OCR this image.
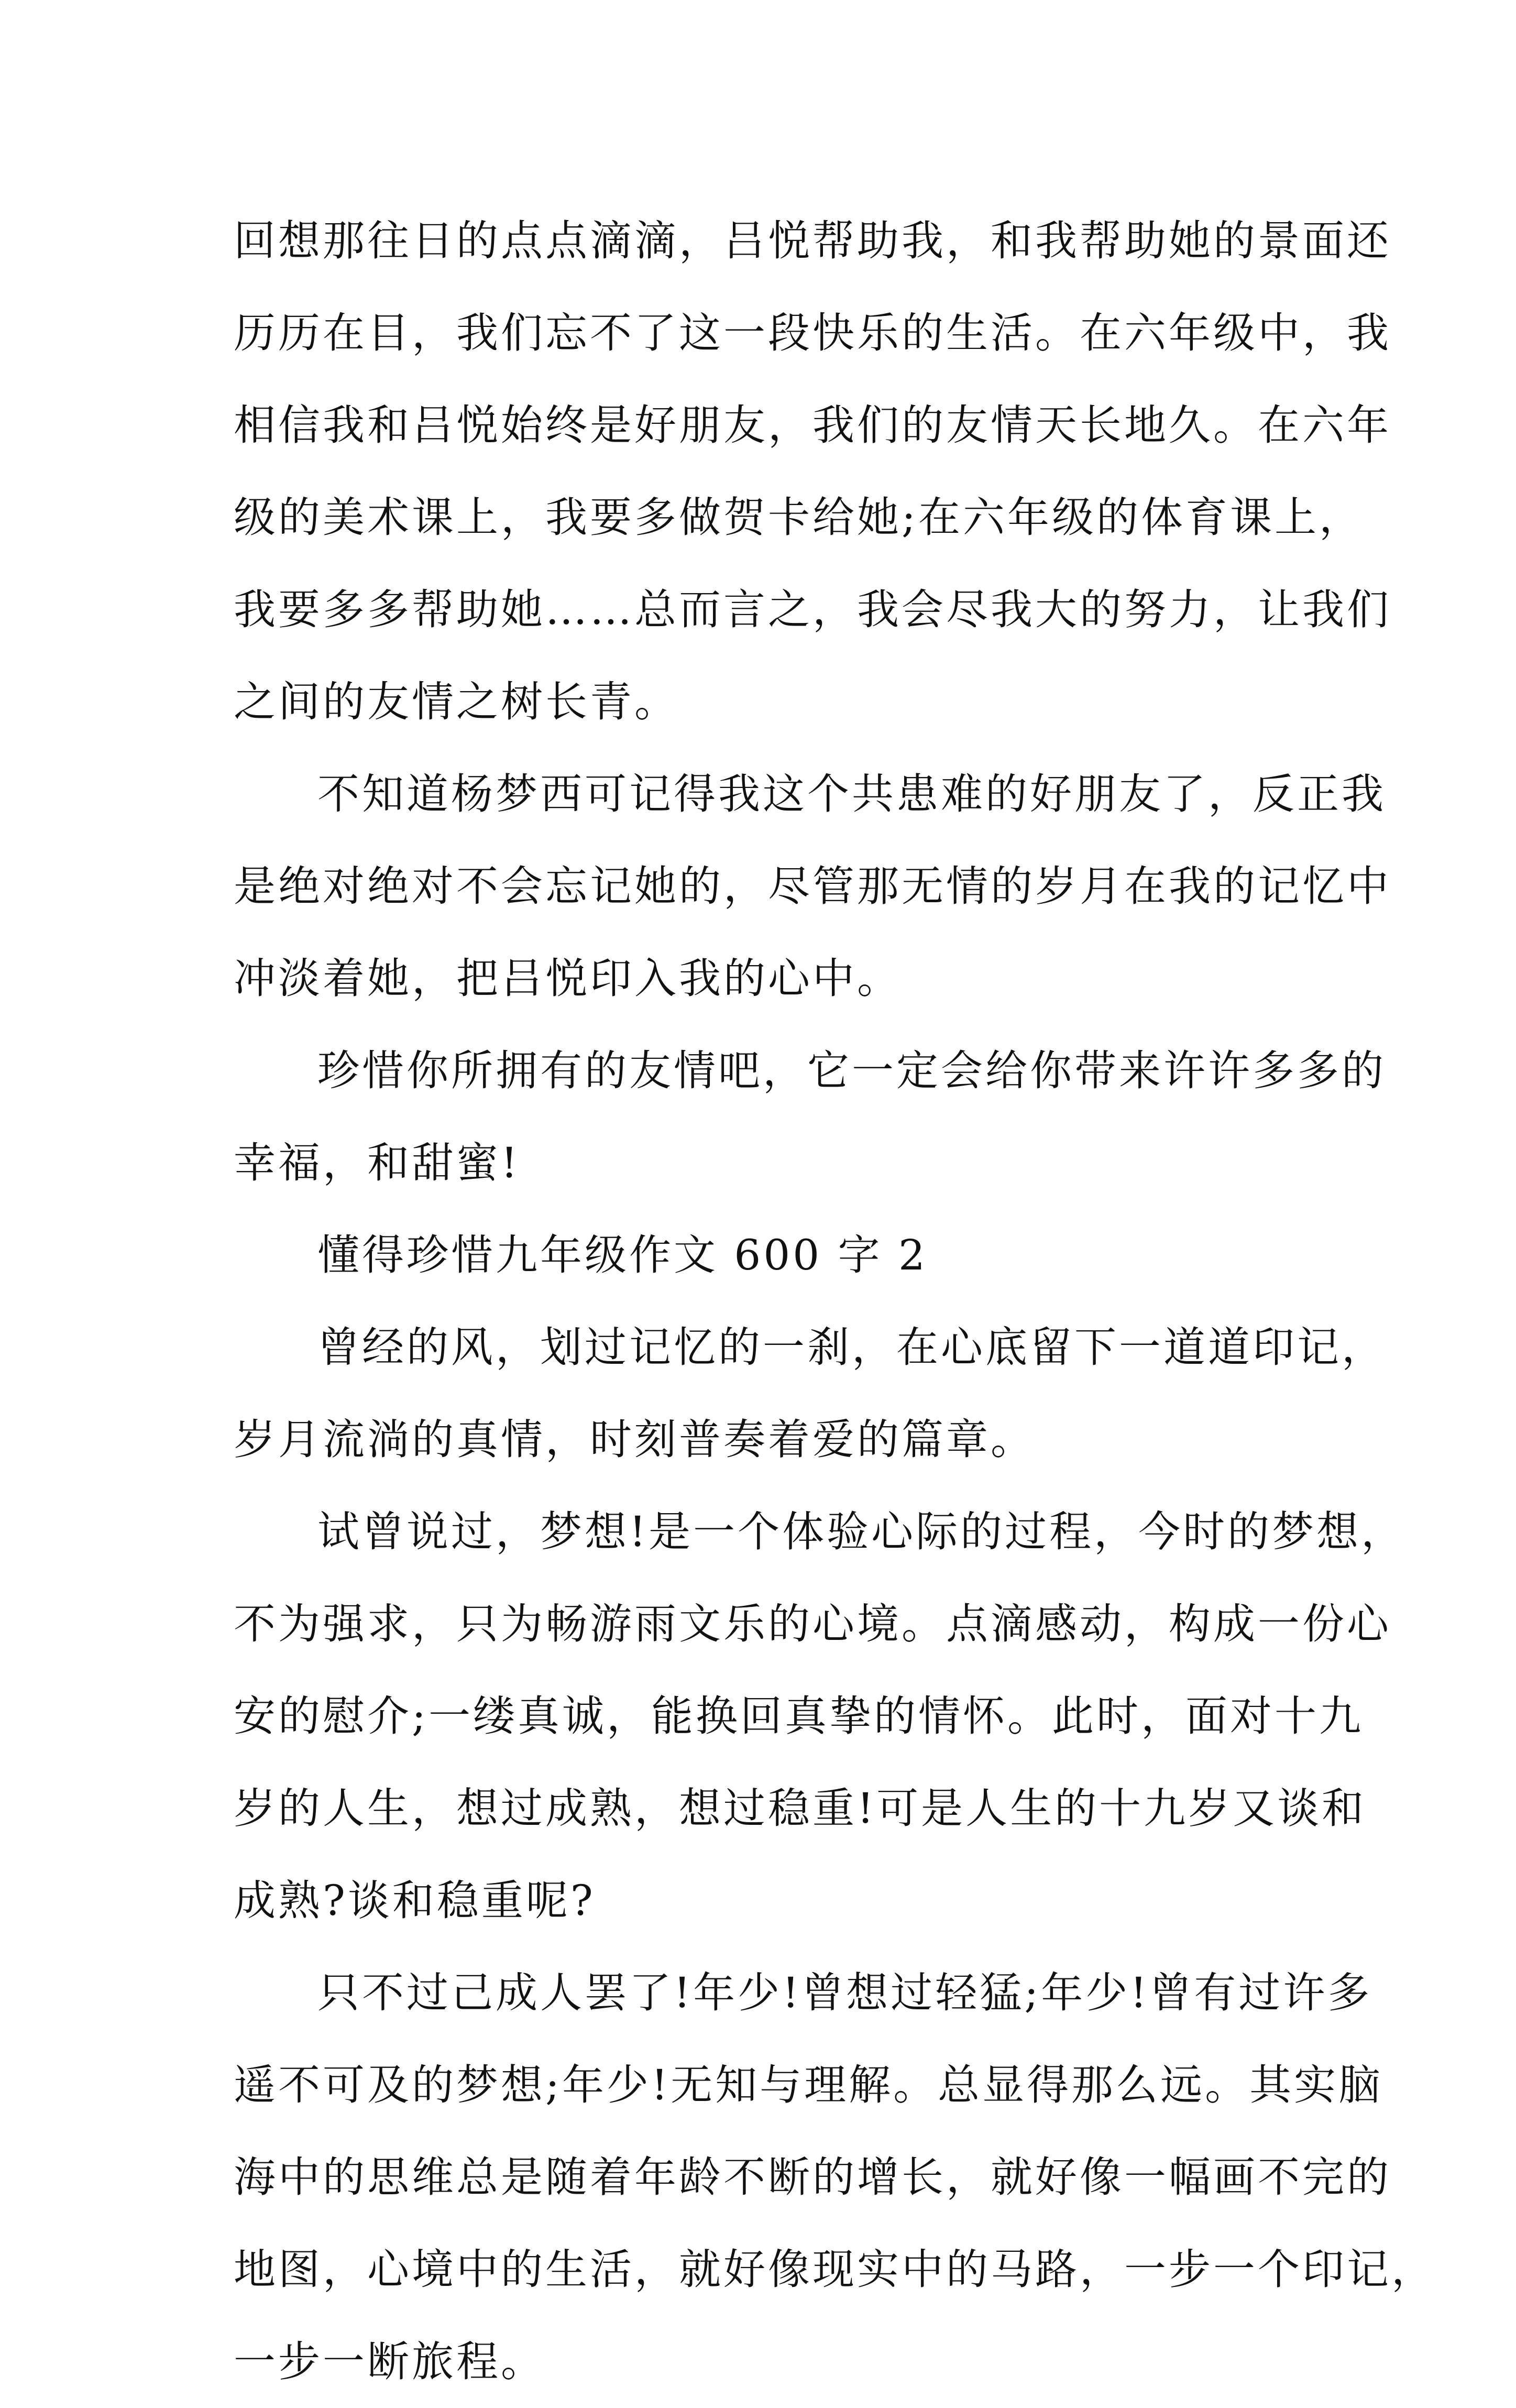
回想那往日的点点滴滴，吕悦帮助我，和我帮助她的景面还
历历在目，我们忘不了这一段快乐的生活。在六年级中，我
相信我和吕悦始终是好朋友，我们的友情天长地久。在六年
级的美术课上，我要多做贺卡给她;在六年级的体育课上，
我要多多帮助她……总而言之，我会尽我大的努力，让我们
之间的友情之树长青。
不知道杨梦西可记得我这个共患难的好朋友了，反正我
是绝对绝对不会忘记她的，尽管那无情的岁月在我的记忆中
冲淡着她，把吕悦印入我的心中。
珍惜你所拥有的友情吧，它一定会给你带来许许多多的
幸福，和甜蜜!
懂得珍惜九年级作文 600 字 2
曾经的风，划过记忆的一刹，在心底留下一道道印记，
岁月流淌的真情，时刻普奏着爱的篇章。
试曾说过，梦想!是一个体验心际的过程，今时的梦想，
不为强求，只为畅游雨文乐的心境。点滴感动，构成一份心
安的慰介;一缕真诚，能换回真挚的情怀。此时，面对十九
岁的人生，想过成熟，想过稳重!可是人生的十九岁又谈和
成熟?谈和稳重呢?
只不过己成人罢了!年少!曾想过轻猛;年少!曾有过许多
遥不可及的梦想;年少!无知与理解。总显得那么远。其实脑
海中的思维总是随着年龄不断的增长，就好像一幅画不完的
地图，心境中的生活，就好像现实中的马路，一步一个印记，
一步一断旅程。
